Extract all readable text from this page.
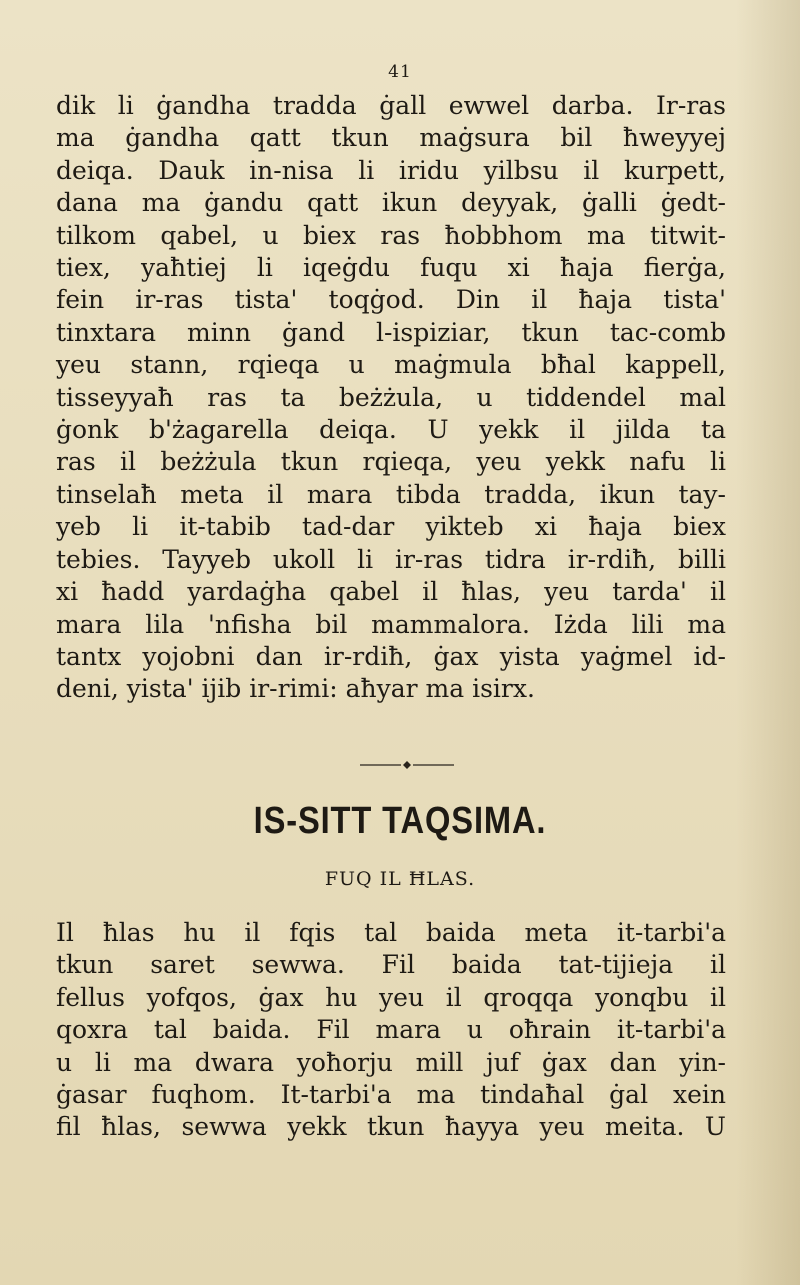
41
dik li ġandha tradda ġall ewwel darba. Ir-ras
ma ġandha qatt tkun maġsura bil ħweyyej
deiqa. Dauk in-nisa li iridu yilbsu il kurpett,
dana ma ġandu qatt ikun deyyak, ġalli ġedt-
tilkom qabel, u biex ras ħobbhom ma titwit-
tiex, yaħtiej li iqeġdu fuqu xi ħaja fierġa,
fein ir-ras tista' toqġod. Din il ħaja tista'
tinxtara minn ġand l-ispiziar, tkun tac-comb
yeu stann, rqieqa u maġmula bħal kappell,
tisseyyaħ ras ta beżżula, u tiddendel mal
ġonk b'żagarella deiqa. U yekk il jilda ta
ras il beżżula tkun rqieqa, yeu yekk nafu li
tinselaħ meta il mara tibda tradda, ikun tay-
yeb li it-tabib tad-dar yikteb xi ħaja biex
tebies. Tayyeb ukoll li ir-ras tidra ir-rdiħ, billi
xi ħadd yardaġha qabel il ħlas, yeu tarda' il
mara lila 'nfisha bil mammalora. Iżda lili ma
tantx yojobni dan ir-rdiħ, ġax yista yaġmel id-
deni, yista' ijib ir-rimi: aħyar ma isirx.
IS-SITT TAQSIMA.
FUQ IL ĦLAS.
Il ħlas hu il fqis tal baida meta it-tarbi'a
tkun saret sewwa. Fil baida tat-tijieja il
fellus yofqos, ġax hu yeu il qroqqa yonqbu il
qoxra tal baida. Fil mara u oħrain it-tarbi'a
u li ma dwara yoħorju mill juf ġax dan yin-
ġasar fuqhom. It-tarbi'a ma tindaħal ġal xein
fil ħlas, sewwa yekk tkun ħayya yeu meita. U
